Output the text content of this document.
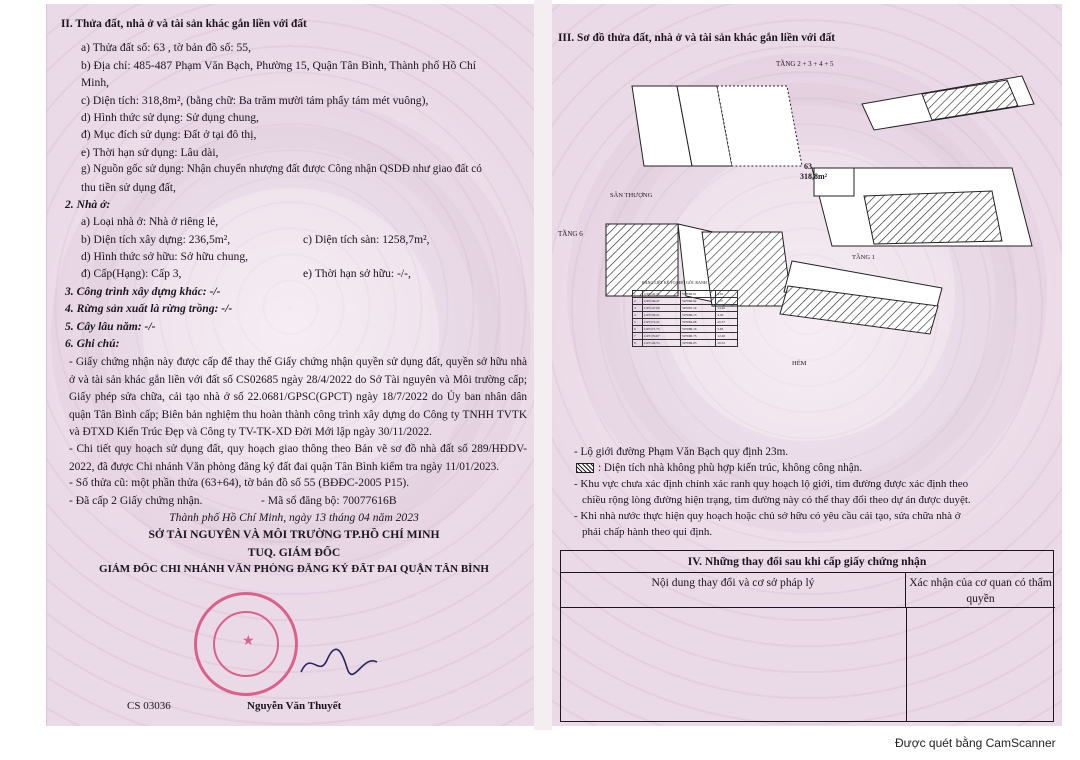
II. Thửa đất, nhà ở và tài sản khác gắn liền với đất
a) Thửa đất số: 63 , tờ bản đồ số: 55,
b) Địa chỉ: 485-487 Phạm Văn Bạch, Phường 15, Quận Tân Bình, Thành phố Hồ Chí
Minh,
c) Diện tích: 318,8m², (bằng chữ: Ba trăm mười tám phẩy tám mét vuông),
d) Hình thức sử dụng: Sử dụng chung,
đ) Mục đích sử dụng: Đất ở tại đô thị,
e) Thời hạn sử dụng: Lâu dài,
g) Nguồn gốc sử dụng: Nhận chuyển nhượng đất được Công nhận QSDĐ như giao đất có
thu tiền sử dụng đất,
2. Nhà ở:
a) Loại nhà ở: Nhà ở riêng lẻ,
b) Diện tích xây dựng: 236,5m²,	c) Diện tích sàn: 1258,7m²,
d) Hình thức sở hữu: Sở hữu chung,
đ) Cấp(Hạng): Cấp 3,	e) Thời hạn sở hữu: -/-,
3. Công trình xây dựng khác: -/-
4. Rừng sản xuất là rừng trồng: -/-
5. Cây lâu năm: -/-
6. Ghi chú:
- Giấy chứng nhận này được cấp để thay thế Giấy chứng nhận quyền sử dụng đất, quyền sở hữu nhà ở và tài sản khác gắn liền với đất số CS02685 ngày 28/4/2022 do Sở Tài nguyên và Môi trường cấp; Giấy phép sửa chữa, cải tạo nhà ở số 22.0681/GPSC(GPCT) ngày 18/7/2022 do Ủy ban nhân dân quận Tân Bình cấp; Biên bản nghiệm thu hoàn thành công trình xây dựng do Công ty TNHH TVTK và ĐTXD Kiến Trúc Đẹp và Công ty TV-TK-XD Đời Mới lập ngày 30/11/2022.
- Chi tiết quy hoạch sử dụng đất, quy hoạch giao thông theo Bản vẽ sơ đồ nhà đất số 289/HĐDV-2022, đã được Chi nhánh Văn phòng đăng ký đất đai quận Tân Bình kiểm tra ngày 11/01/2023.
- Số thửa cũ: một phần thửa (63+64), tờ bản đồ số 55 (BĐĐC-2005 P15).
- Đã cấp 2 Giấy chứng nhận.	- Mã số đăng bộ: 70077616B
Thành phố Hồ Chí Minh, ngày 13 tháng 04 năm 2023
SỞ TÀI NGUYÊN VÀ MÔI TRƯỜNG TP.HỒ CHÍ MINH
TUQ. GIÁM ĐỐC
GIÁM ĐỐC CHI NHÁNH VĂN PHÒNG ĐĂNG KÝ ĐẤT ĐAI QUẬN TÂN BÌNH
★
CS 03036	Nguyễn Văn Thuyết
III. Sơ đồ thửa đất, nhà ở và tài sản khác gắn liền với đất
TẦNG 2 + 3 + 4 + 5
SÂN THƯỢNG
TẦNG 6
TẦNG 1
HẺM
63
318,8m²
BẢNG LIỆT KÊ TỌA ĐỘ GÓC RANH
1	1197142.71	597069.61	4.62
2	1197146.47	597066.92	1.37
3	1197147.06	597067.14	14.40
4	1197159.21	597069.13	4.29
5	1197172.21	597084.08	20.37
6	1197171.75	597089.16	5.65
7	1197170.67	597090.75	12.20
8	1197143.53	597069.03	20.52
- Lộ giới đường Phạm Văn Bạch quy định 23m.
: Diện tích nhà không phù hợp kiến trúc, không công nhận.
- Khu vực chưa xác định chính xác ranh quy hoạch lộ giới, tim đường được xác định theo
chiều rộng lòng đường hiện trạng, tim đường này có thể thay đổi theo dự án được duyệt.
- Khi nhà nước thực hiện quy hoạch hoặc chủ sở hữu có yêu cầu cải tạo, sửa chữa nhà ở
phải chấp hành theo qui định.
IV. Những thay đổi sau khi cấp giấy chứng nhận
Nội dung thay đổi và cơ sở pháp lý	Xác nhận của cơ quan có thẩm quyền
Được quét bằng CamScanner
